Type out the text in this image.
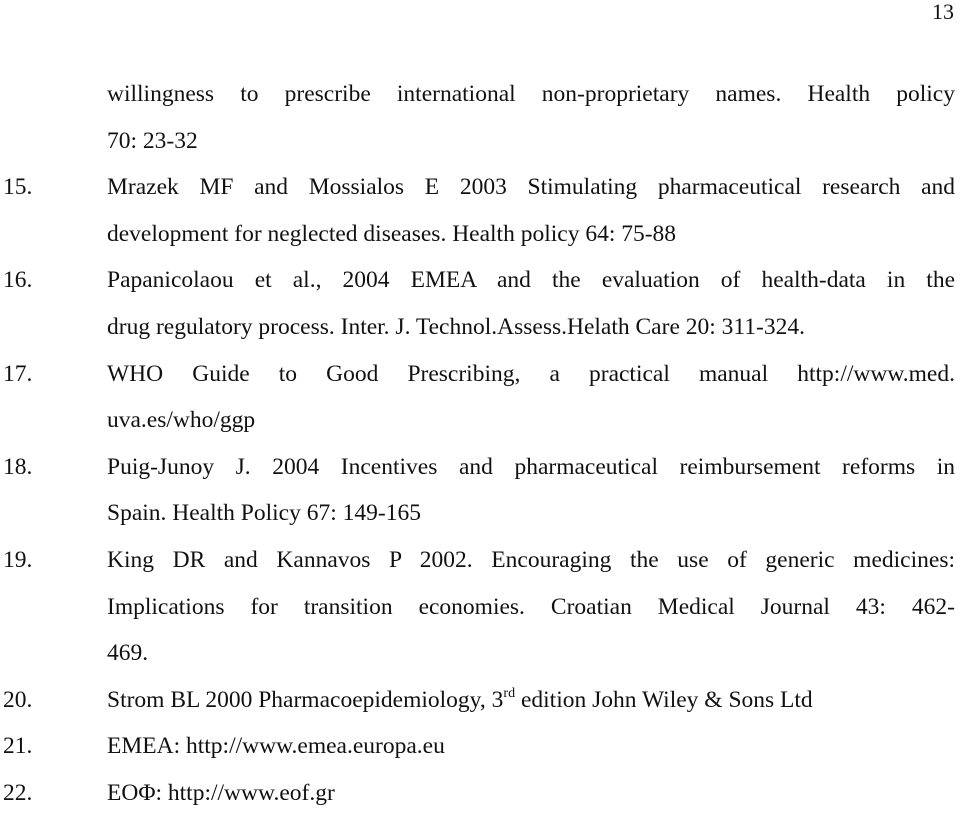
13
willingness to prescribe international non-proprietary names. Health policy
70: 23-32
15.	Mrazek MF and Mossialos E 2003 Stimulating pharmaceutical research and
development for neglected diseases. Health policy 64: 75-88
16.	Papanicolaou et al., 2004 EMEA and the evaluation of health-data in the
drug regulatory process. Inter. J. Technol.Assess.Helath Care 20: 311-324.
17.	WHO Guide to Good Prescribing, a practical manual http://www.med.
uva.es/who/ggp
18.	Puig-Junoy J. 2004 Incentives and pharmaceutical reimbursement reforms in
Spain. Health Policy 67: 149-165
19.	King DR and Kannavos P 2002. Encouraging the use of generic medicines:
Implications for transition economies. Croatian Medical Journal 43: 462-
469.
20.	Strom BL 2000 Pharmacoepidemiology, 3rd edition John Wiley & Sons Ltd
21.	EMEA: http://www.emea.europa.eu
22.	ΕΟΦ: http://www.eof.gr
